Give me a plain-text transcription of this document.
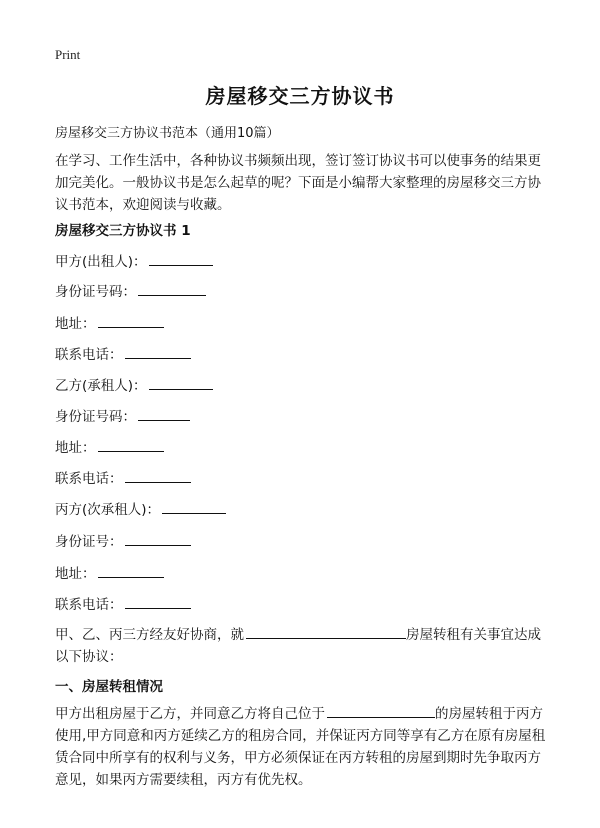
Print
房屋移交三方协议书
房屋移交三方协议书范本（通用10篇）
在学习、工作生活中，各种协议书频频出现，签订签订协议书可以使事务的结果更加完美化。一般协议书是怎么起草的呢？下面是小编帮大家整理的房屋移交三方协议书范本，欢迎阅读与收藏。
房屋移交三方协议书 1
甲方(出租人)：
身份证号码：
地址：
联系电话：
乙方(承租人)：
身份证号码：
地址：
联系电话：
丙方(次承租人)：
身份证号：
地址：
联系电话：
甲、乙、丙三方经友好协商，就	房屋转租有关事宜达成以下协议：
一、房屋转租情况
甲方出租房屋于乙方，并同意乙方将自己位于	的房屋转租于丙方使用,甲方同意和丙方延续乙方的租房合同，并保证丙方同等享有乙方在原有房屋租赁合同中所享有的权利与义务，甲方必须保证在丙方转租的房屋到期时先争取丙方意见，如果丙方需要续租，丙方有优先权。
